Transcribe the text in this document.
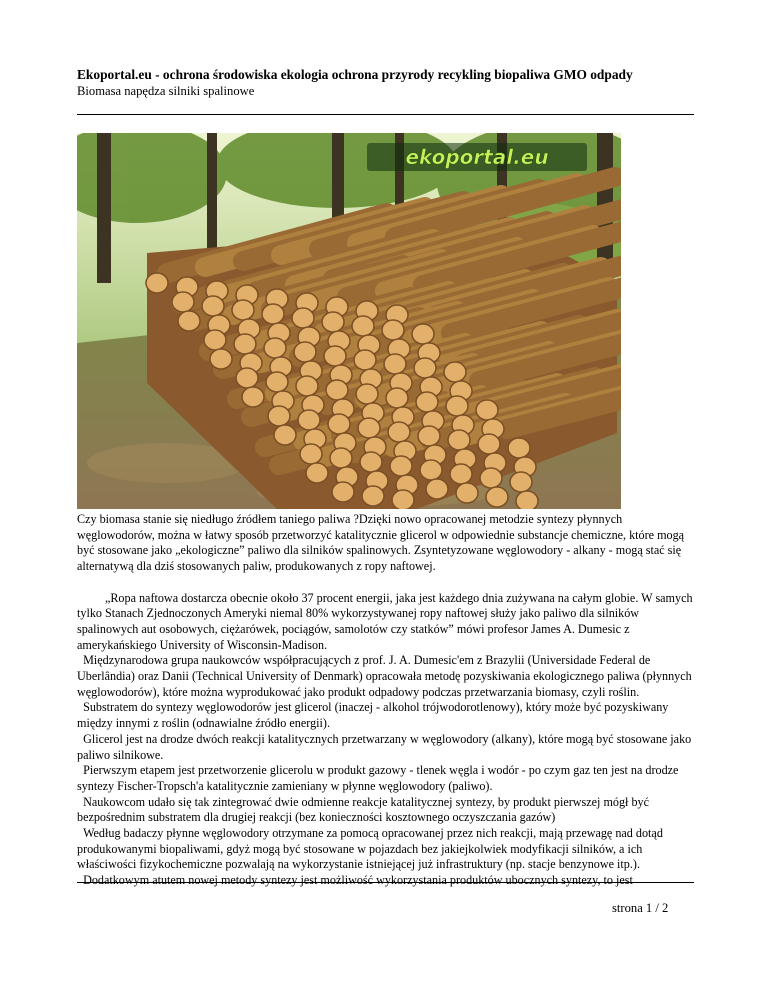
Ekoportal.eu - ochrona środowiska ekologia ochrona przyrody recykling biopaliwa GMO odpady
Biomasa napędza silniki spalinowe
ekoportal.eu

Czy biomasa stanie się niedługo źródłem taniego paliwa ?Dzięki nowo opracowanej metodzie syntezy płynnych węglowodorów, można w łatwy sposób przetworzyć katalitycznie glicerol w odpowiednie substancje chemiczne, które mogą być stosowane jako „ekologiczne” paliwo dla silników spalinowych. Zsyntetyzowane węglowodory - alkany - mogą stać się alternatywą dla dziś stosowanych paliw, produkowanych z ropy naftowej.

„Ropa naftowa dostarcza obecnie około 37 procent energii, jaka jest każdego dnia zużywana na całym globie. W samych tylko Stanach Zjednoczonych Ameryki niemal 80% wykorzystywanej ropy naftowej służy jako paliwo dla silników spalinowych aut osobowych, ciężarówek, pociągów, samolotów czy statków” mówi profesor James A. Dumesic z amerykańskiego University of Wisconsin-Madison.

Międzynarodowa grupa naukowców współpracujących z prof. J. A. Dumesic'em z Brazylii (Universidade Federal de Uberlândia) oraz Danii (Technical University of Denmark) opracowała metodę pozyskiwania ekologicznego paliwa (płynnych węglowodorów), które można wyprodukować jako produkt odpadowy podczas przetwarzania biomasy, czyli roślin.

Substratem do syntezy węglowodorów jest glicerol (inaczej - alkohol trójwodorotlenowy), który może być pozyskiwany między innymi z roślin (odnawialne źródło energii).

Glicerol jest na drodze dwóch reakcji katalitycznych przetwarzany w węglowodory (alkany), które mogą być stosowane jako paliwo silnikowe.

Pierwszym etapem jest przetworzenie glicerolu w produkt gazowy - tlenek węgla i wodór - po czym gaz ten jest na drodze syntezy Fischer-Tropsch'a katalitycznie zamieniany w płynne węglowodory (paliwo).

Naukowcom udało się tak zintegrować dwie odmienne reakcje katalitycznej syntezy, by produkt pierwszej mógł być bezpośrednim substratem dla drugiej reakcji (bez konieczności kosztownego oczyszczania gazów)

Według badaczy płynne węglowodory otrzymane za pomocą opracowanej przez nich reakcji, mają przewagę nad dotąd produkowanymi biopaliwami, gdyż mogą być stosowane w pojazdach bez jakiejkolwiek modyfikacji silników, a ich właściwości fizykochemiczne pozwalają na wykorzystanie istniejącej już infrastruktury (np. stacje benzynowe itp.).

Dodatkowym atutem nowej metody syntezy jest możliwość wykorzystania produktów ubocznych syntezy, to jest

strona 1 / 2
